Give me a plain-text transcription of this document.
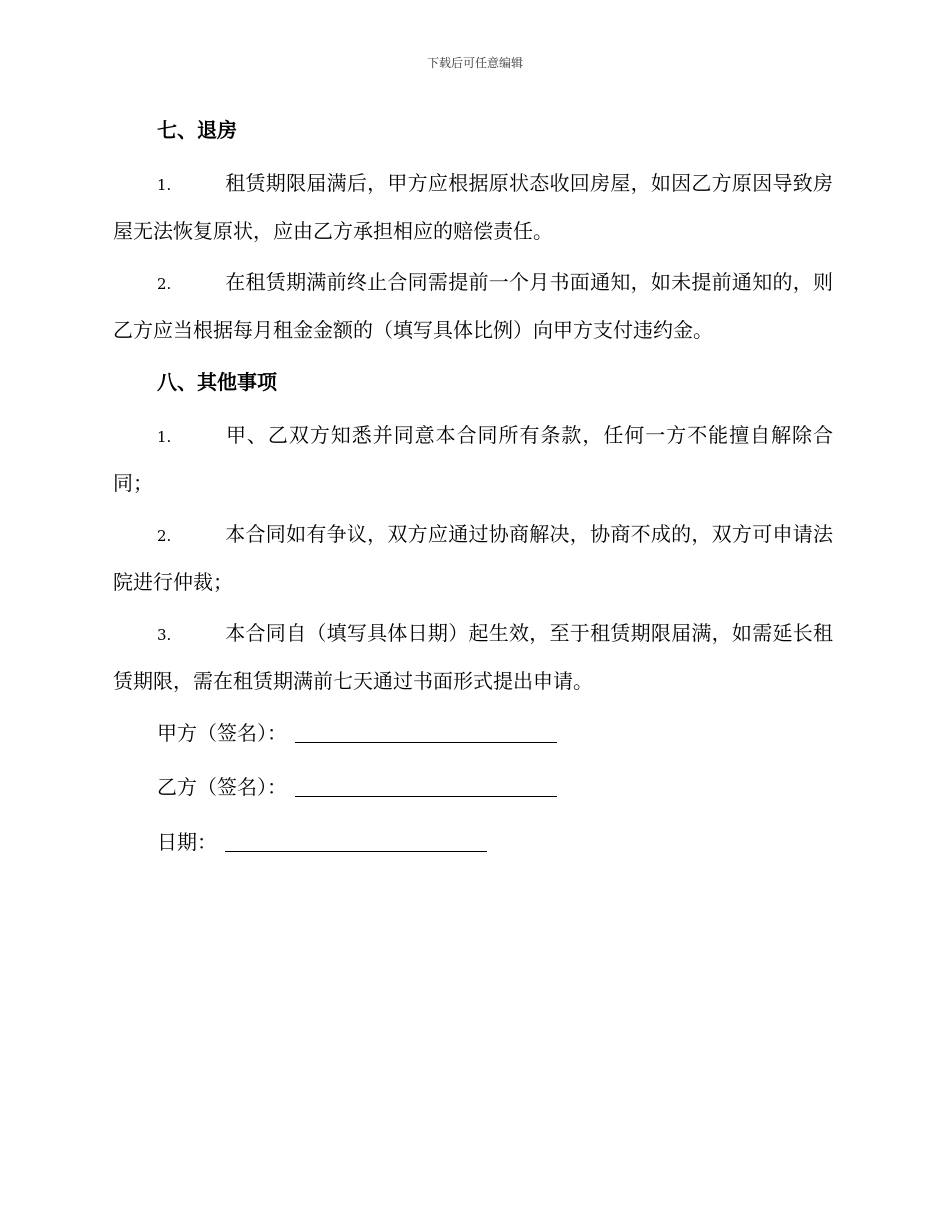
下载后可任意编辑
七、退房
1.	租赁期限届满后，甲方应根据原状态收回房屋，如因乙方原因导致房屋无法恢复原状，应由乙方承担相应的赔偿责任。
2.	在租赁期满前终止合同需提前一个月书面通知，如未提前通知的，则乙方应当根据每月租金金额的（填写具体比例）向甲方支付违约金。
八、其他事项
1.	甲、乙双方知悉并同意本合同所有条款，任何一方不能擅自解除合同；
2.	本合同如有争议，双方应通过协商解决，协商不成的，双方可申请法院进行仲裁；
3.	本合同自（填写具体日期）起生效，至于租赁期限届满，如需延长租赁期限，需在租赁期满前七天通过书面形式提出申请。
甲方（签名）：
乙方（签名）：
日期：
